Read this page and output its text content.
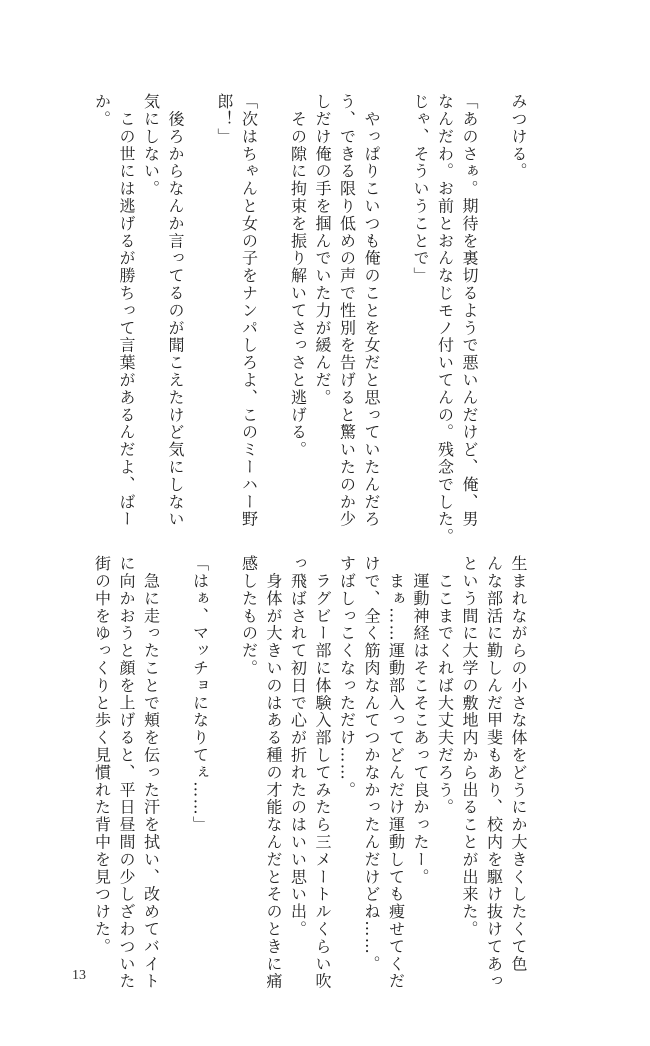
みつける。
「あのさぁ。期待を裏切るようで悪いんだけど、俺、男
なんだわ。お前とおんなじモノ付いてんの。残念でした。
じゃ、そういうことで」
　やっぱりこいつも俺のことを女だと思っていたんだろ
う、できる限り低めの声で性別を告げると驚いたのか少
しだけ俺の手を掴んでいた力が緩んだ。
　その隙に拘束を振り解いてさっさと逃げる。
「次はちゃんと女の子をナンパしろよ、このミーハー野
郎！」
　後ろからなんか言ってるのが聞こえたけど気にしない
気にしない。
　この世には逃げるが勝ちって言葉があるんだよ、ばー
か。
生まれながらの小さな体をどうにか大きくしたくて色
んな部活に勤しんだ甲斐もあり、校内を駆け抜けてあっ
という間に大学の敷地内から出ることが出来た。
　ここまでくれば大丈夫だろう。
　運動神経はそこそこあって良かったー。
　まぁ……運動部入ってどんだけ運動しても痩せてくだ
けで、全く筋肉なんてつかなかったんだけどね……。
すばしっこくなっただけ……。
　ラグビー部に体験入部してみたら三メートルくらい吹
っ飛ばされて初日で心が折れたのはいい思い出。
　身体が大きいのはある種の才能なんだとそのときに痛
感したものだ。
「はぁ、マッチョになりてぇ……」
　急に走ったことで頬を伝った汗を拭い、改めてバイト
に向かおうと顔を上げると、平日昼間の少しざわついた
街の中をゆっくりと歩く見慣れた背中を見つけた。
13
